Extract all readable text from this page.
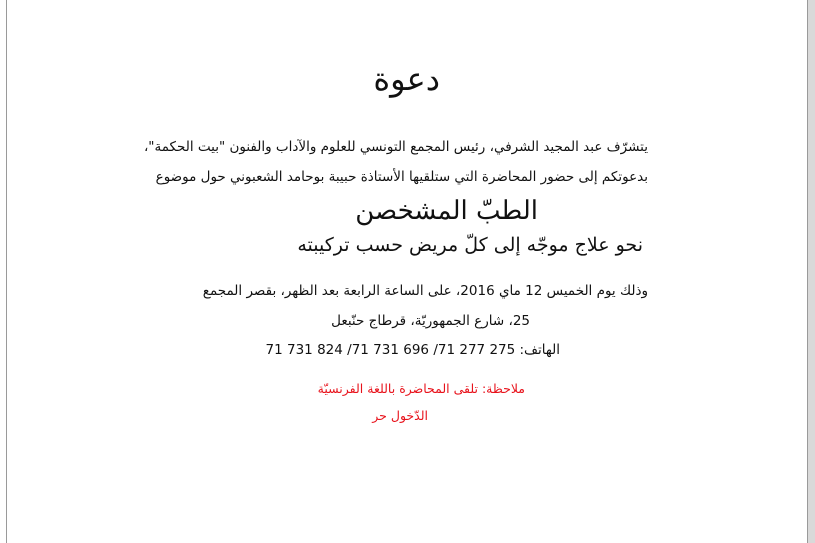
دعوة
يتشرّف عبد المجيد الشرفي، رئيس المجمع التونسي للعلوم والآداب والفنون "بيت الحكمة"،
بدعوتكم إلى حضور المحاضرة التي ستلقيها الأستاذة حبيبة بوحامد الشعبوني حول موضوع
الطبّ المشخصن
نحو علاج موجّه إلى كلّ مريض حسب تركيبته
وذلك يوم الخميس 12 ماي 2016، على الساعة الرابعة بعد الظهر، بقصر المجمع
25، شارع الجمهوريّة، قرطاج حنّبعل
الهاتف: 275 277 71/ 696 731 71/ 824 731 71
ملاحظة: تلقى المحاضرة باللغة الفرنسيّة
الدّخول حر
